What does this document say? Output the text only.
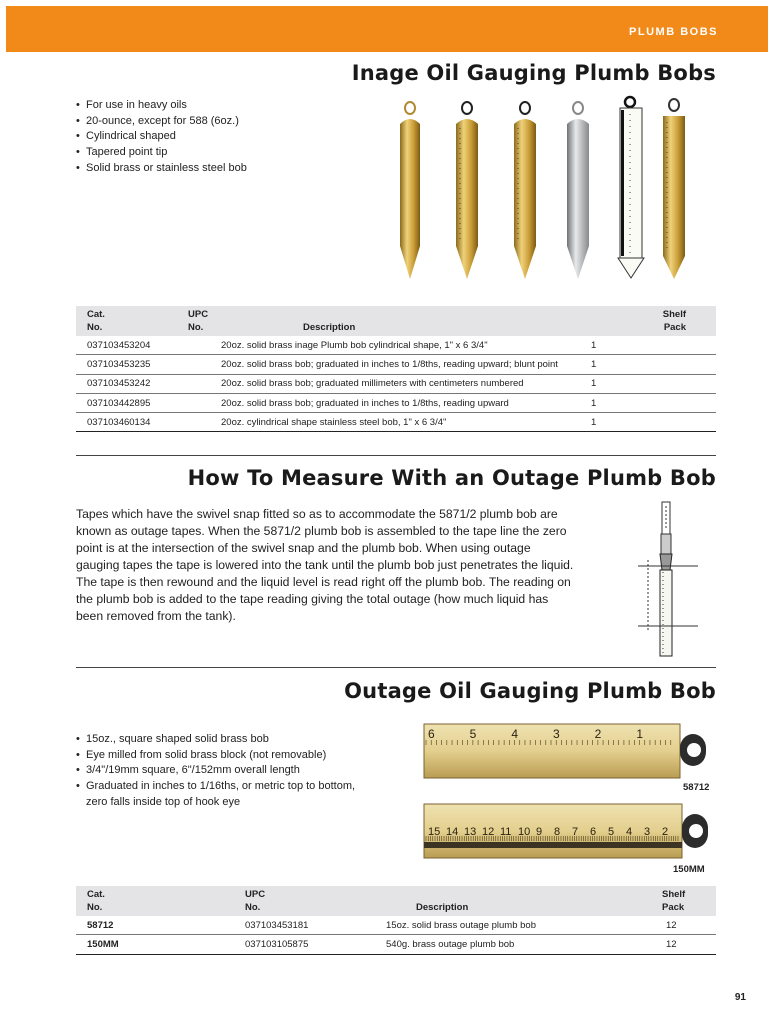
PLUMB BOBS
Inage Oil Gauging Plumb Bobs
• For use in heavy oils
• 20-ounce, except for 588 (6oz.)
• Cylindrical shaped
• Tapered point tip
• Solid brass or stainless steel bob
Cat.
No.	UPC
No.	Description	Shelf
Pack
037103453204	20oz. solid brass inage Plumb bob cylindrical shape, 1" x 6 3/4"		1
037103453235	20oz. solid brass bob; graduated in inches to 1/8ths, reading upward; blunt point		1
037103453242	20oz. solid brass bob; graduated millimeters with centimeters numbered		1
037103442895	20oz. solid brass bob; graduated in inches to 1/8ths, reading upward		1
037103460134	20oz. cylindrical shape stainless steel bob, 1" x 6 3/4"		1
How To Measure With an Outage Plumb Bob
Tapes which have the swivel snap fitted so as to accommodate the 5871/2 plumb bob are known as outage tapes. When the 5871/2 plumb bob is assembled to the tape line the zero point is at the intersection of the swivel snap and the plumb bob. When using outage gauging tapes the tape is lowered into the tank until the plumb bob just penetrates the liquid. The tape is then rewound and the liquid level is read right off the plumb bob. The reading on the plumb bob is added to the tape reading giving the total outage (how much liquid has been removed from the tank).
Outage Oil Gauging Plumb Bob
• 15oz., square shaped solid brass bob
• Eye milled from solid brass block (not removable)
• 3/4"/19mm square, 6"/152mm overall length
• Graduated in inches to 1/16ths, or metric top to bottom, zero falls inside top of hook eye
6	5	4	3	2	1
58712
15 14 13 12 11 10 9 8 7 6 5 4 3 2
150MM
Cat.
No.	UPC
No.	Description	Shelf
Pack
58712	037103453181	15oz. solid brass outage plumb bob	12
150MM	037103105875	540g. brass outage plumb bob	12
91
